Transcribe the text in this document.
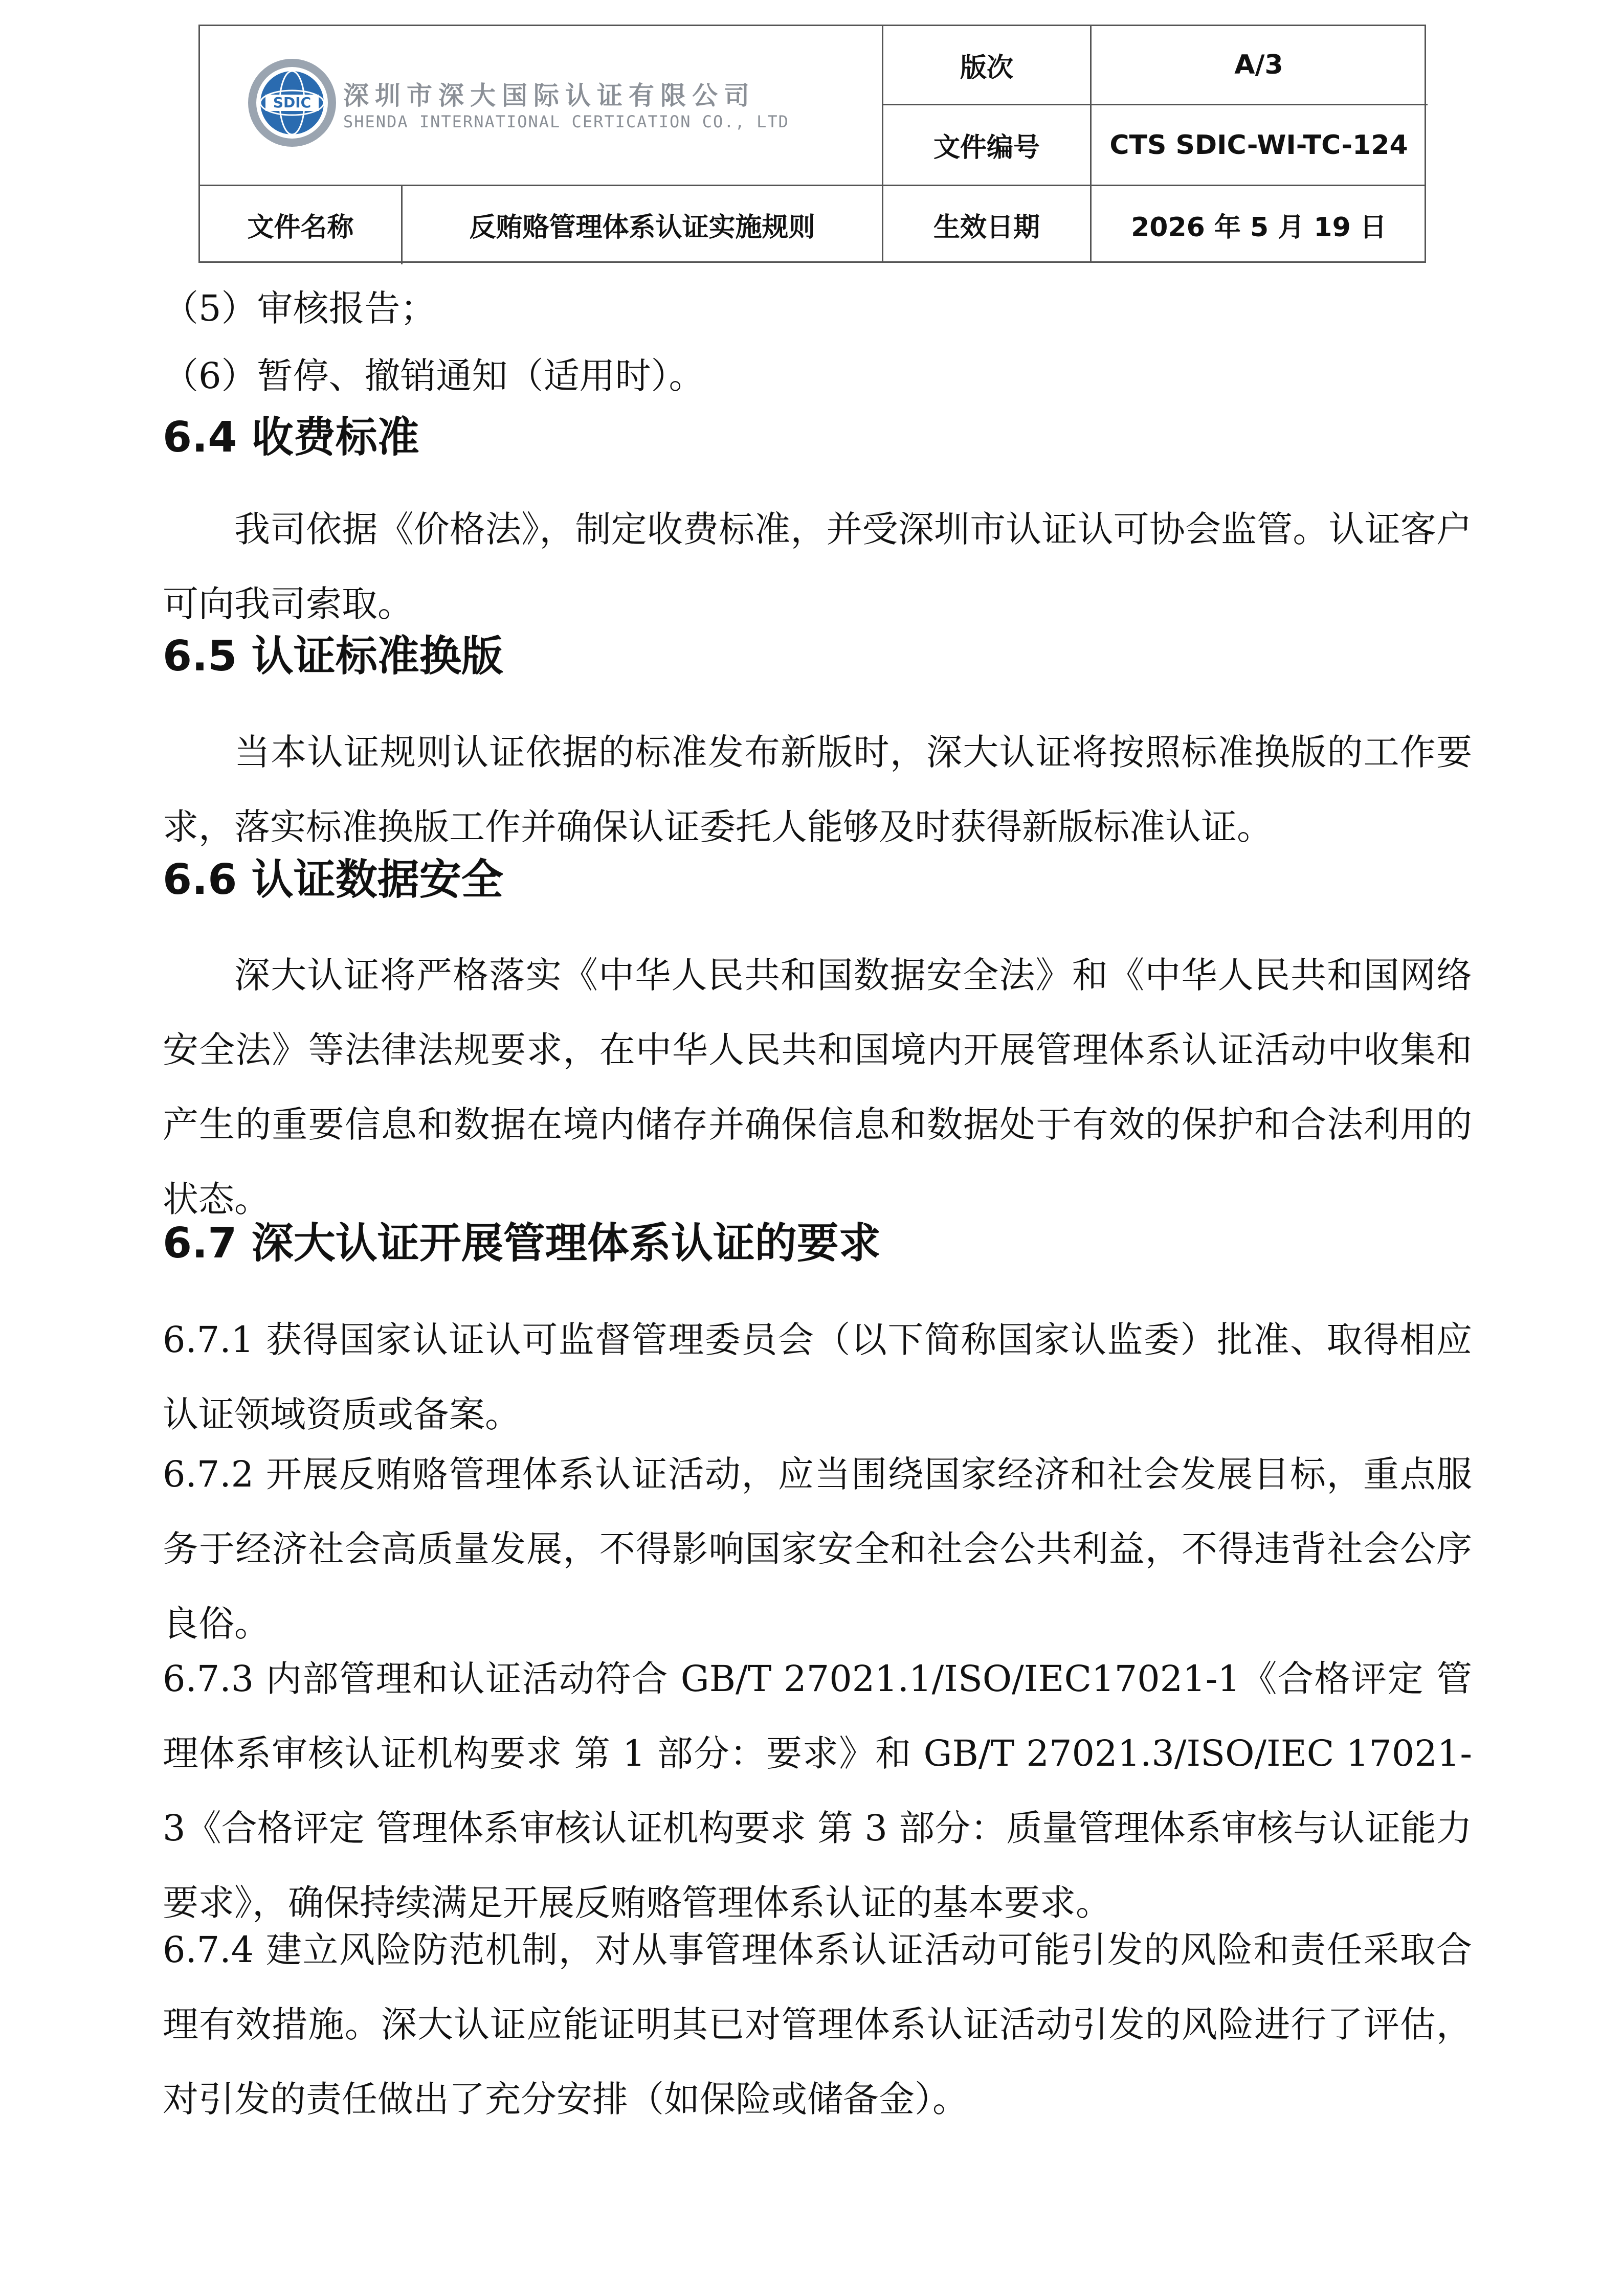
SDIC 深圳市深大国际认证有限公司
SHENDA INTERNATIONAL CERTICATION CO., LTD
版次	A/3
文件编号	CTS SDIC-WI-TC-124
文件名称	反贿赂管理体系认证实施规则	生效日期	2026 年 5 月 19 日

（5）审核报告；

（6）暂停、撤销通知（适用时）。

6.4 收费标准

我司依据《价格法》，制定收费标准，并受深圳市认证认可协会监管。认证客户可向我司索取。

6.5 认证标准换版

当本认证规则认证依据的标准发布新版时，深大认证将按照标准换版的工作要求，落实标准换版工作并确保认证委托人能够及时获得新版标准认证。

6.6 认证数据安全

深大认证将严格落实《中华人民共和国数据安全法》和《中华人民共和国网络安全法》等法律法规要求，在中华人民共和国境内开展管理体系认证活动中收集和产生的重要信息和数据在境内储存并确保信息和数据处于有效的保护和合法利用的状态。

6.7 深大认证开展管理体系认证的要求

6.7.1 获得国家认证认可监督管理委员会（以下简称国家认监委）批准、取得相应认证领域资质或备案。

6.7.2 开展反贿赂管理体系认证活动，应当围绕国家经济和社会发展目标，重点服务于经济社会高质量发展，不得影响国家安全和社会公共利益，不得违背社会公序良俗。

6.7.3 内部管理和认证活动符合 GB/T 27021.1/ISO/IEC17021-1《合格评定 管理体系审核认证机构要求 第 1 部分：要求》和 GB/T 27021.3/ISO/IEC 17021-3《合格评定 管理体系审核认证机构要求 第 3 部分：质量管理体系审核与认证能力要求》，确保持续满足开展反贿赂管理体系认证的基本要求。

6.7.4 建立风险防范机制，对从事管理体系认证活动可能引发的风险和责任采取合理有效措施。深大认证应能证明其已对管理体系认证活动引发的风险进行了评估，对引发的责任做出了充分安排（如保险或储备金）。
